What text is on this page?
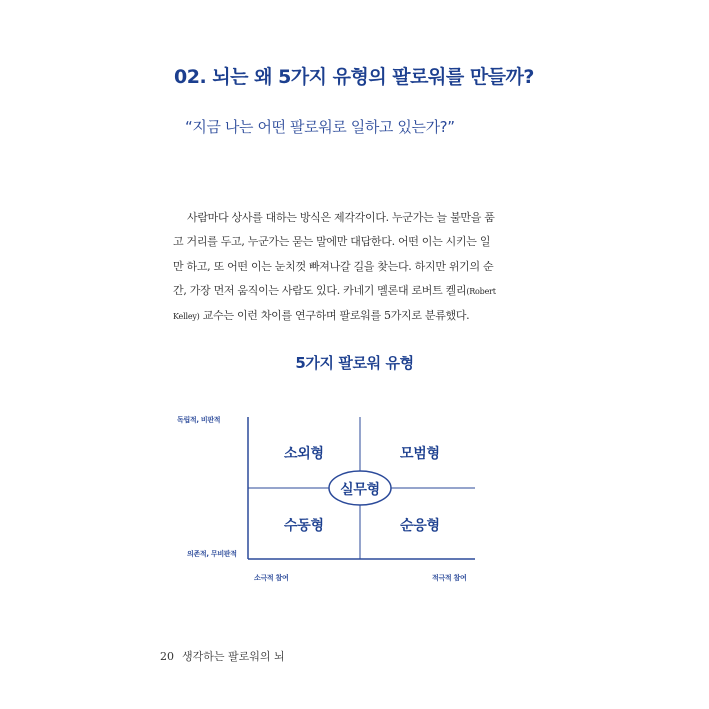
02. 뇌는 왜 5가지 유형의 팔로워를 만들까?
“지금 나는 어떤 팔로워로 일하고 있는가?”
사람마다 상사를 대하는 방식은 제각각이다. 누군가는 늘 불만을 품
고 거리를 두고, 누군가는 묻는 말에만 대답한다. 어떤 이는 시키는 일
만 하고, 또 어떤 이는 눈치껏 빠져나갈 길을 찾는다. 하지만 위기의 순
간, 가장 먼저 움직이는 사람도 있다. 카네기 멜론대 로버트 켈리(Robert
Kelley) 교수는 이런 차이를 연구하며 팔로워를 5가지로 분류했다.
5가지 팔로워 유형
독립적, 비판적
의존적, 무비판적
소극적 참여	적극적 참여
소외형	모범형
수동형	순응형
실무형
20 생각하는 팔로워의 뇌
